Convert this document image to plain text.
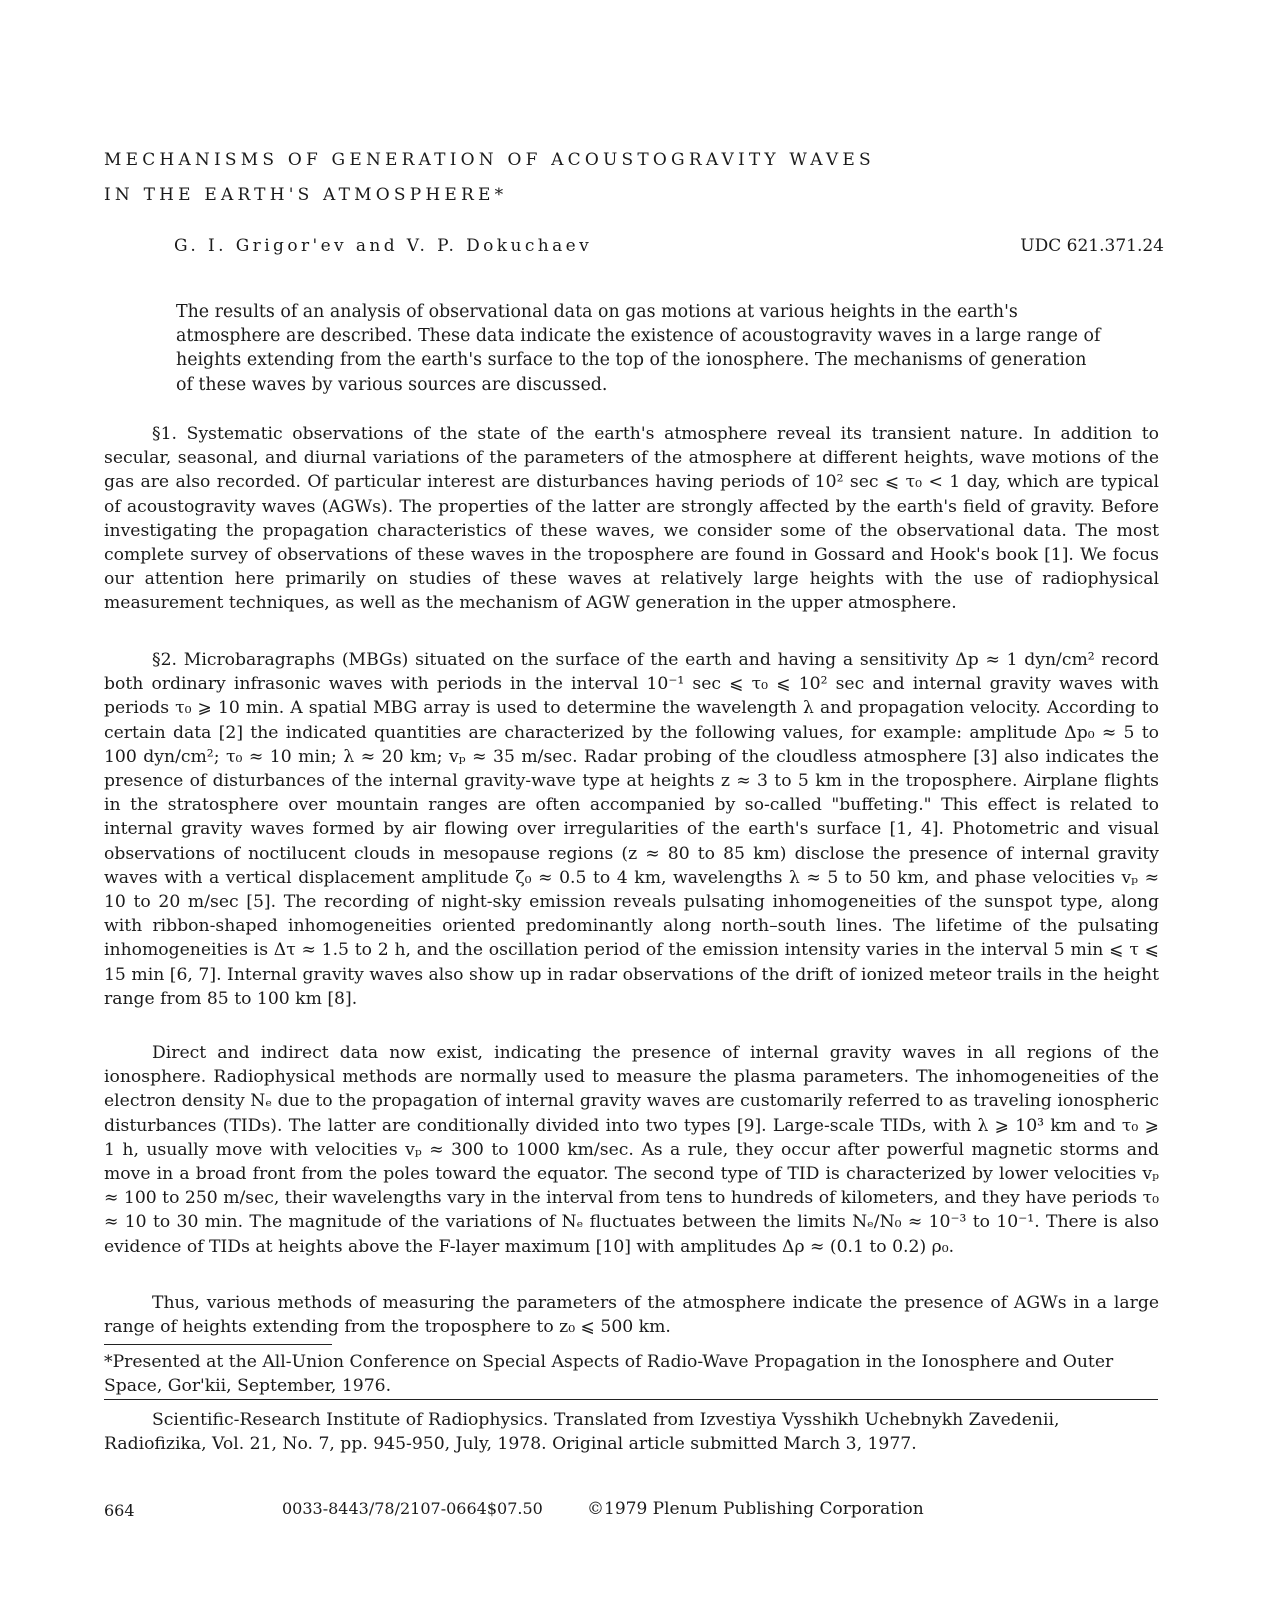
MECHANISMS OF GENERATION OF ACOUSTOGRAVITY WAVES
IN THE EARTH'S ATMOSPHERE*
G. I. Grigor'ev and V. P. Dokuchaev	UDC 621.371.24
The results of an analysis of observational data on gas motions at various heights in the earth's atmosphere are described. These data indicate the existence of acoustogravity waves in a large range of heights extending from the earth's surface to the top of the ionosphere. The mechanisms of generation of these waves by various sources are discussed.

§1. Systematic observations of the state of the earth's atmosphere reveal its transient nature. In addition to secular, seasonal, and diurnal variations of the parameters of the atmosphere at different heights, wave motions of the gas are also recorded. Of particular interest are disturbances having periods of 10² sec ⩽ τ₀ < 1 day, which are typical of acoustogravity waves (AGWs). The properties of the latter are strongly affected by the earth's field of gravity. Before investigating the propagation characteristics of these waves, we consider some of the observational data. The most complete survey of observations of these waves in the troposphere are found in Gossard and Hook's book [1]. We focus our attention here primarily on studies of these waves at relatively large heights with the use of radiophysical measurement techniques, as well as the mechanism of AGW generation in the upper atmosphere.

§2. Microbaragraphs (MBGs) situated on the surface of the earth and having a sensitivity Δp ≈ 1 dyn/cm² record both ordinary infrasonic waves with periods in the interval 10⁻¹ sec ⩽ τ₀ ⩽ 10² sec and internal gravity waves with periods τ₀ ⩾ 10 min. A spatial MBG array is used to determine the wavelength λ and propagation velocity. According to certain data [2] the indicated quantities are characterized by the following values, for example: amplitude Δp₀ ≈ 5 to 100 dyn/cm²; τ₀ ≈ 10 min; λ ≈ 20 km; vₚ ≈ 35 m/sec. Radar probing of the cloudless atmosphere [3] also indicates the presence of disturbances of the internal gravity-wave type at heights z ≈ 3 to 5 km in the troposphere. Airplane flights in the stratosphere over mountain ranges are often accompanied by so-called "buffeting." This effect is related to internal gravity waves formed by air flowing over irregularities of the earth's surface [1, 4]. Photometric and visual observations of noctilucent clouds in mesopause regions (z ≈ 80 to 85 km) disclose the presence of internal gravity waves with a vertical displacement amplitude ζ₀ ≈ 0.5 to 4 km, wavelengths λ ≈ 5 to 50 km, and phase velocities vₚ ≈ 10 to 20 m/sec [5]. The recording of night-sky emission reveals pulsating inhomogeneities of the sunspot type, along with ribbon-shaped inhomogeneities oriented predominantly along north–south lines. The lifetime of the pulsating inhomogeneities is Δτ ≈ 1.5 to 2 h, and the oscillation period of the emission intensity varies in the interval 5 min ⩽ τ ⩽ 15 min [6, 7]. Internal gravity waves also show up in radar observations of the drift of ionized meteor trails in the height range from 85 to 100 km [8].

Direct and indirect data now exist, indicating the presence of internal gravity waves in all regions of the ionosphere. Radiophysical methods are normally used to measure the plasma parameters. The inhomogeneities of the electron density Nₑ due to the propagation of internal gravity waves are customarily referred to as traveling ionospheric disturbances (TIDs). The latter are conditionally divided into two types [9]. Large-scale TIDs, with λ ⩾ 10³ km and τ₀ ⩾ 1 h, usually move with velocities vₚ ≈ 300 to 1000 km/sec. As a rule, they occur after powerful magnetic storms and move in a broad front from the poles toward the equator. The second type of TID is characterized by lower velocities vₚ ≈ 100 to 250 m/sec, their wavelengths vary in the interval from tens to hundreds of kilometers, and they have periods τ₀ ≈ 10 to 30 min. The magnitude of the variations of Nₑ fluctuates between the limits Nₑ/N₀ ≈ 10⁻³ to 10⁻¹. There is also evidence of TIDs at heights above the F-layer maximum [10] with amplitudes Δρ ≈ (0.1 to 0.2) ρ₀.

Thus, various methods of measuring the parameters of the atmosphere indicate the presence of AGWs in a large range of heights extending from the troposphere to z₀ ⩽ 500 km.

*Presented at the All-Union Conference on Special Aspects of Radio-Wave Propagation in the Ionosphere and Outer Space, Gor'kii, September, 1976.
Scientific-Research Institute of Radiophysics. Translated from Izvestiya Vysshikh Uchebnykh Zavedenii, Radiofizika, Vol. 21, No. 7, pp. 945-950, July, 1978. Original article submitted March 3, 1977.
664	0033-8443/78/2107-0664$07.50	©1979 Plenum Publishing Corporation
